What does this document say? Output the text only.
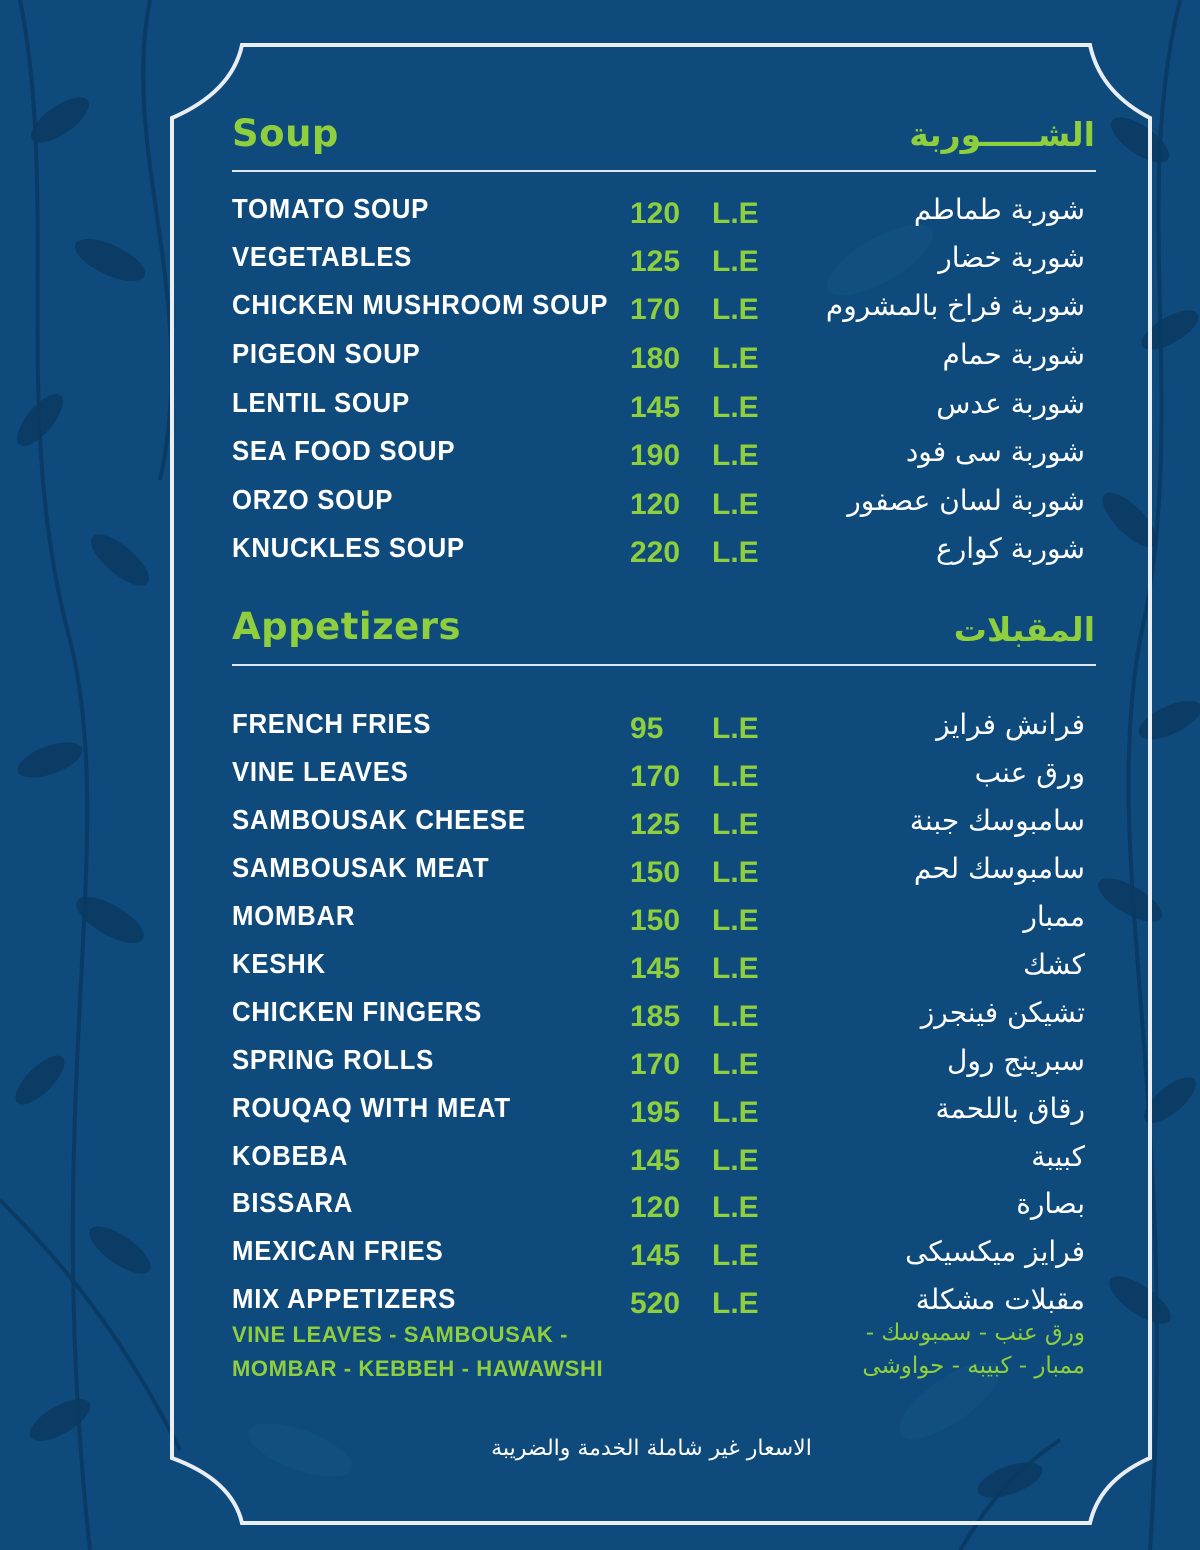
Soup	الشـــــوربة
Appetizers	المقبلات
TOMATO SOUP	120 L.E	شوربة طماطم
VEGETABLES	125 L.E	شوربة خضار
CHICKEN MUSHROOM SOUP 170 L.E شوربة فراخ بالمشروم
PIGEON SOUP	180 L.E	شوربة حمام
LENTIL SOUP	145 L.E	شوربة عدس
SEA FOOD SOUP	190 L.E	شوربة سى فود
ORZO SOUP	120 L.E	شوربة لسان عصفور
KNUCKLES SOUP	220 L.E	شوربة كوارع
FRENCH FRIES	95 L.E	فرانش فرايز
VINE LEAVES	170 L.E	ورق عنب
SAMBOUSAK CHEESE	125 L.E	سامبوسك جبنة
SAMBOUSAK MEAT	150 L.E	سامبوسك لحم
MOMBAR	150 L.E	ممبار
KESHK	145 L.E	كشك
CHICKEN FINGERS	185 L.E	تشيكن فينجرز
SPRING ROLLS	170 L.E	سبرينج رول
ROUQAQ WITH MEAT	195 L.E	رقاق باللحمة
KOBEBA	145 L.E	كبيبة
BISSARA	120 L.E	بصارة
MEXICAN FRIES	145 L.E	فرايز ميكسيكى
MIX APPETIZERS	520 L.E	مقبلات مشكلة
VINE LEAVES - SAMBOUSAK -
MOMBAR - KEBBEH - HAWAWSHI
ورق عنب - سمبوسك -
ممبار - كبيبه - حواوشى
الاسعار غير شاملة الخدمة والضريبة
